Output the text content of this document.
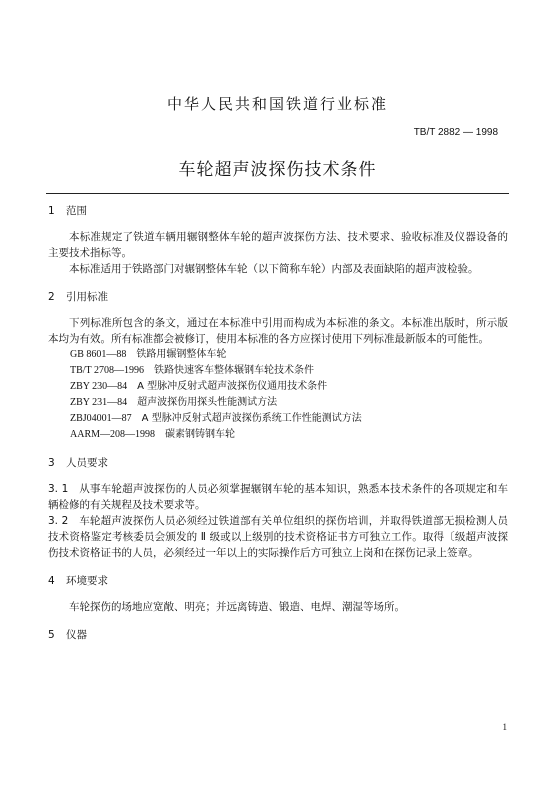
中华人民共和国铁道行业标准
TB/T 2882 — 1998
车轮超声波探伤技术条件
1 范围

本标准规定了铁道车辆用辗钢整体车轮的超声波探伤方法、技术要求、验收标准及仪器设备的主要技术指标等。

本标准适用于铁路部门对辗钢整体车轮（以下简称车轮）内部及表面缺陷的超声波检验。

2 引用标准

下列标准所包含的条文，通过在本标准中引用而构成为本标准的条文。本标准出版时，所示版本均为有效。所有标准都会被修订，使用本标准的各方应探讨使用下列标准最新版本的可能性。

GB 8601—88　 铁路用辗钢整体车轮

TB/T 2708—1996　 铁路快速客车整体辗钢车轮技术条件

ZBY 230—84　 A 型脉冲反射式超声波探伤仪通用技术条件

ZBY 231—84　 超声波探伤用探头性能测试方法

ZBJ04001—87　 A 型脉冲反射式超声波探伤系统工作性能测试方法

AARM—208—1998　 碳素钢铸钢车轮

3 人员要求

3. 1　从事车轮超声波探伤的人员必须掌握辗钢车轮的基本知识，熟悉本技术条件的各项规定和车辆检修的有关规程及技术要求等。

3. 2　车轮超声波探伤人员必须经过铁道部有关单位组织的探伤培训，并取得铁道部无损检测人员技术资格鉴定考核委员会颁发的 Ⅱ 级或以上级别的技术资格证书方可独立工作。取得〔级超声波探伤技术资格证书的人员，必须经过一年以上的实际操作后方可独立上岗和在探伤记录上签章。

4 环境要求

车轮探伤的场地应宽敞、明亮；并远离铸造、锻造、电焊、潮湿等场所。

5 仪器
1
